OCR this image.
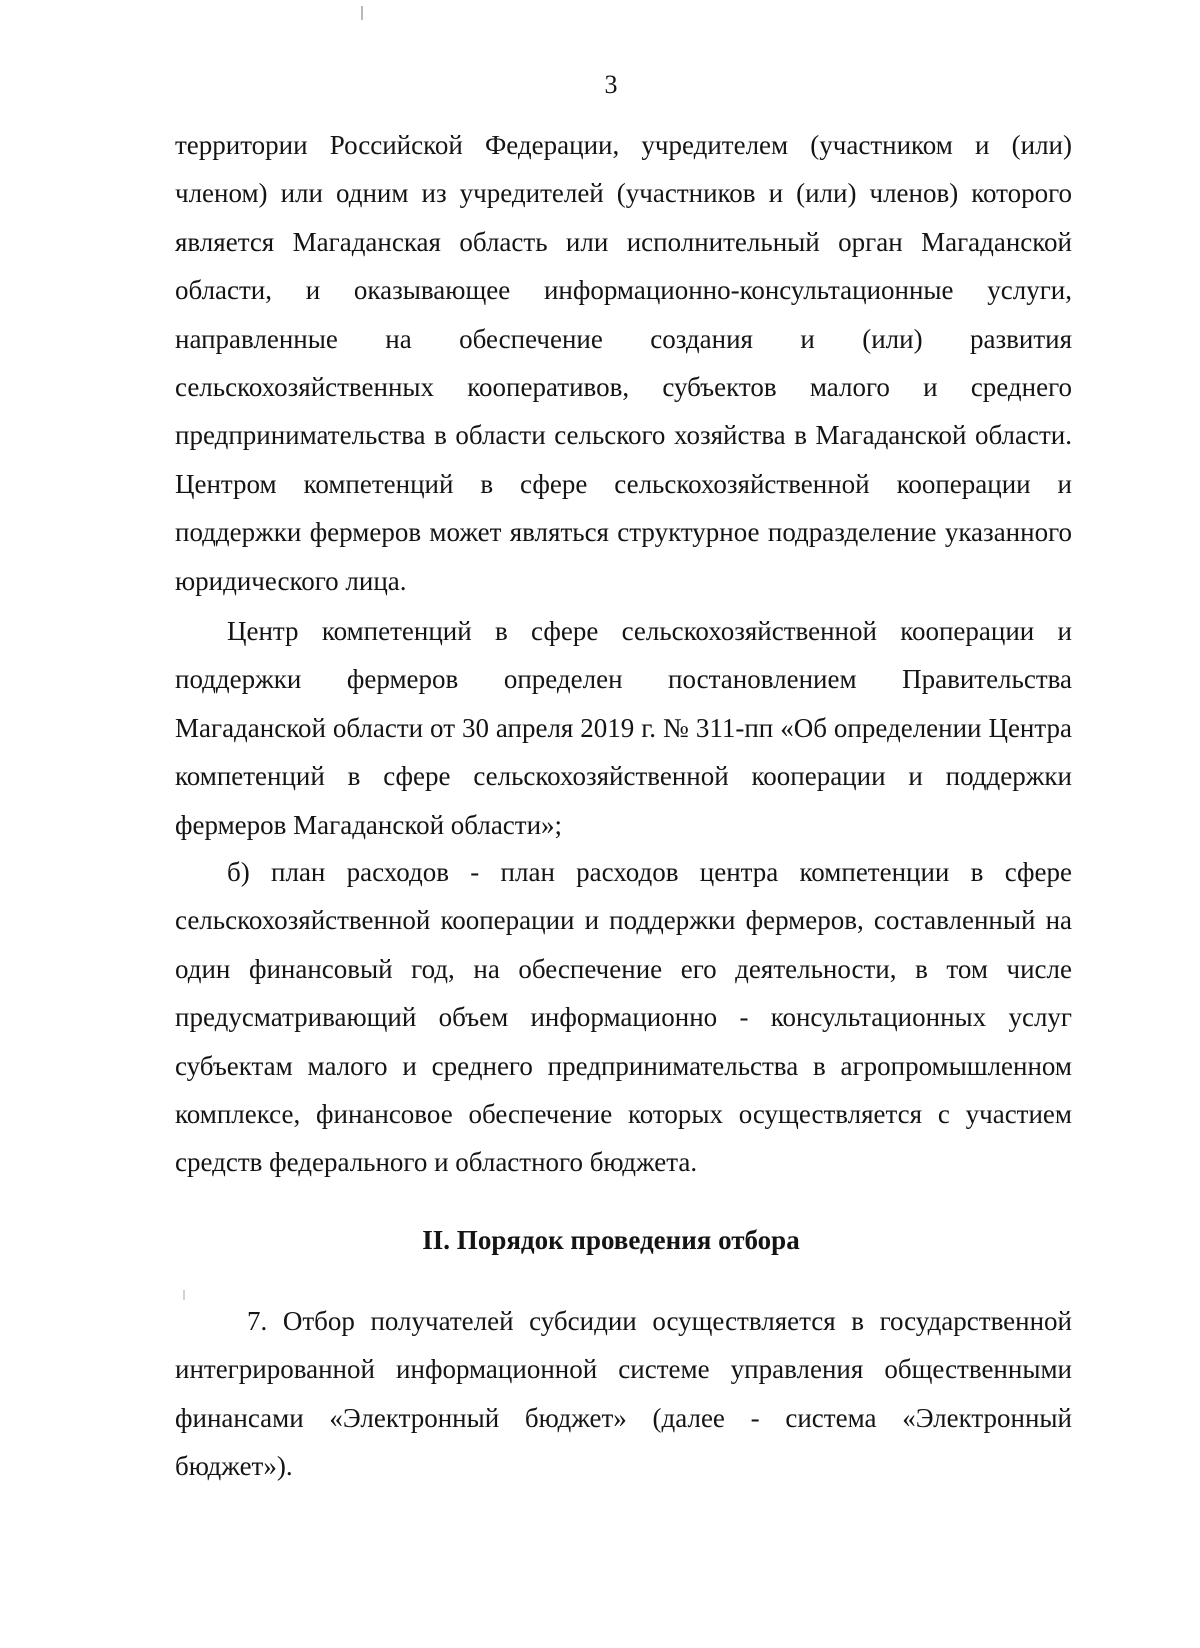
3

территории Российской Федерации, учредителем (участником и (или) членом) или одним из учредителей (участников и (или) членов) которого является Магаданская область или исполнительный орган Магаданской области, и оказывающее информационно-консультационные услуги, направленные на обеспечение создания и (или) развития сельскохозяйственных кооперативов, субъектов малого и среднего предпринимательства в области сельского хозяйства в Магаданской области. Центром компетенций в сфере сельскохозяйственной кооперации и поддержки фермеров может являться структурное подразделение указанного юридического лица.

Центр компетенций в сфере сельскохозяйственной кооперации и поддержки фермеров определен постановлением Правительства Магаданской области от 30 апреля 2019 г. № 311-пп «Об определении Центра компетенций в сфере сельскохозяйственной кооперации и поддержки фермеров Магаданской области»;

б) план расходов - план расходов центра компетенции в сфере сельскохозяйственной кооперации и поддержки фермеров, составленный на один финансовый год, на обеспечение его деятельности, в том числе предусматривающий объем информационно - консультационных услуг субъектам малого и среднего предпринимательства в агропромышленном комплексе, финансовое обеспечение которых осуществляется с участием средств федерального и областного бюджета.

II. Порядок проведения отбора

7. Отбор получателей субсидии осуществляется в государственной интегрированной информационной системе управления общественными финансами «Электронный бюджет» (далее - система «Электронный бюджет»).
